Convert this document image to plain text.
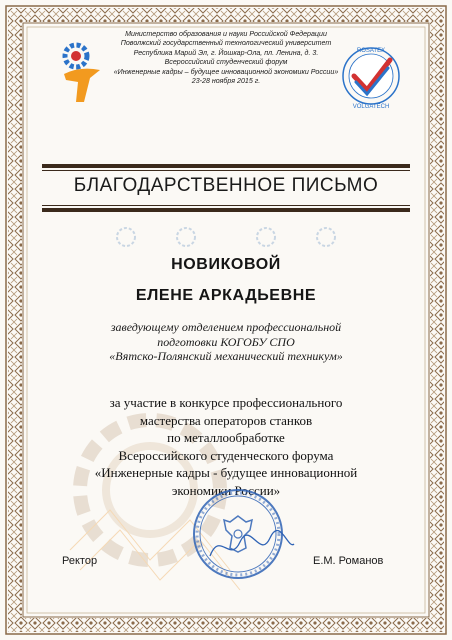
Министерство образования и науки Российской Федерации
Поволжский государственный технологический университет
Республика Марий Эл, г. Йошкар-Ола, пл. Ленина, д. 3.
Всероссийский студенческий форум
«Инженерные кадры – будущее инновационной экономики России»
23-28 ноября 2015 г.
ROSATEX
VOLGATECH
БЛАГОДАРСТВЕННОЕ ПИСЬМО
НОВИКОВОЙ
ЕЛЕНЕ АРКАДЬЕВНЕ
заведующему отделением профессиональной
подготовки КОГОБУ СПО
«Вятско-Полянский механический техникум»
за участие в конкурсе профессионального
мастерства операторов станков
по металлообработке
Всероссийского студенческого форума
«Инженерные кадры - будущее инновационной
экономики России»
Ректор	Е.М. Романов
